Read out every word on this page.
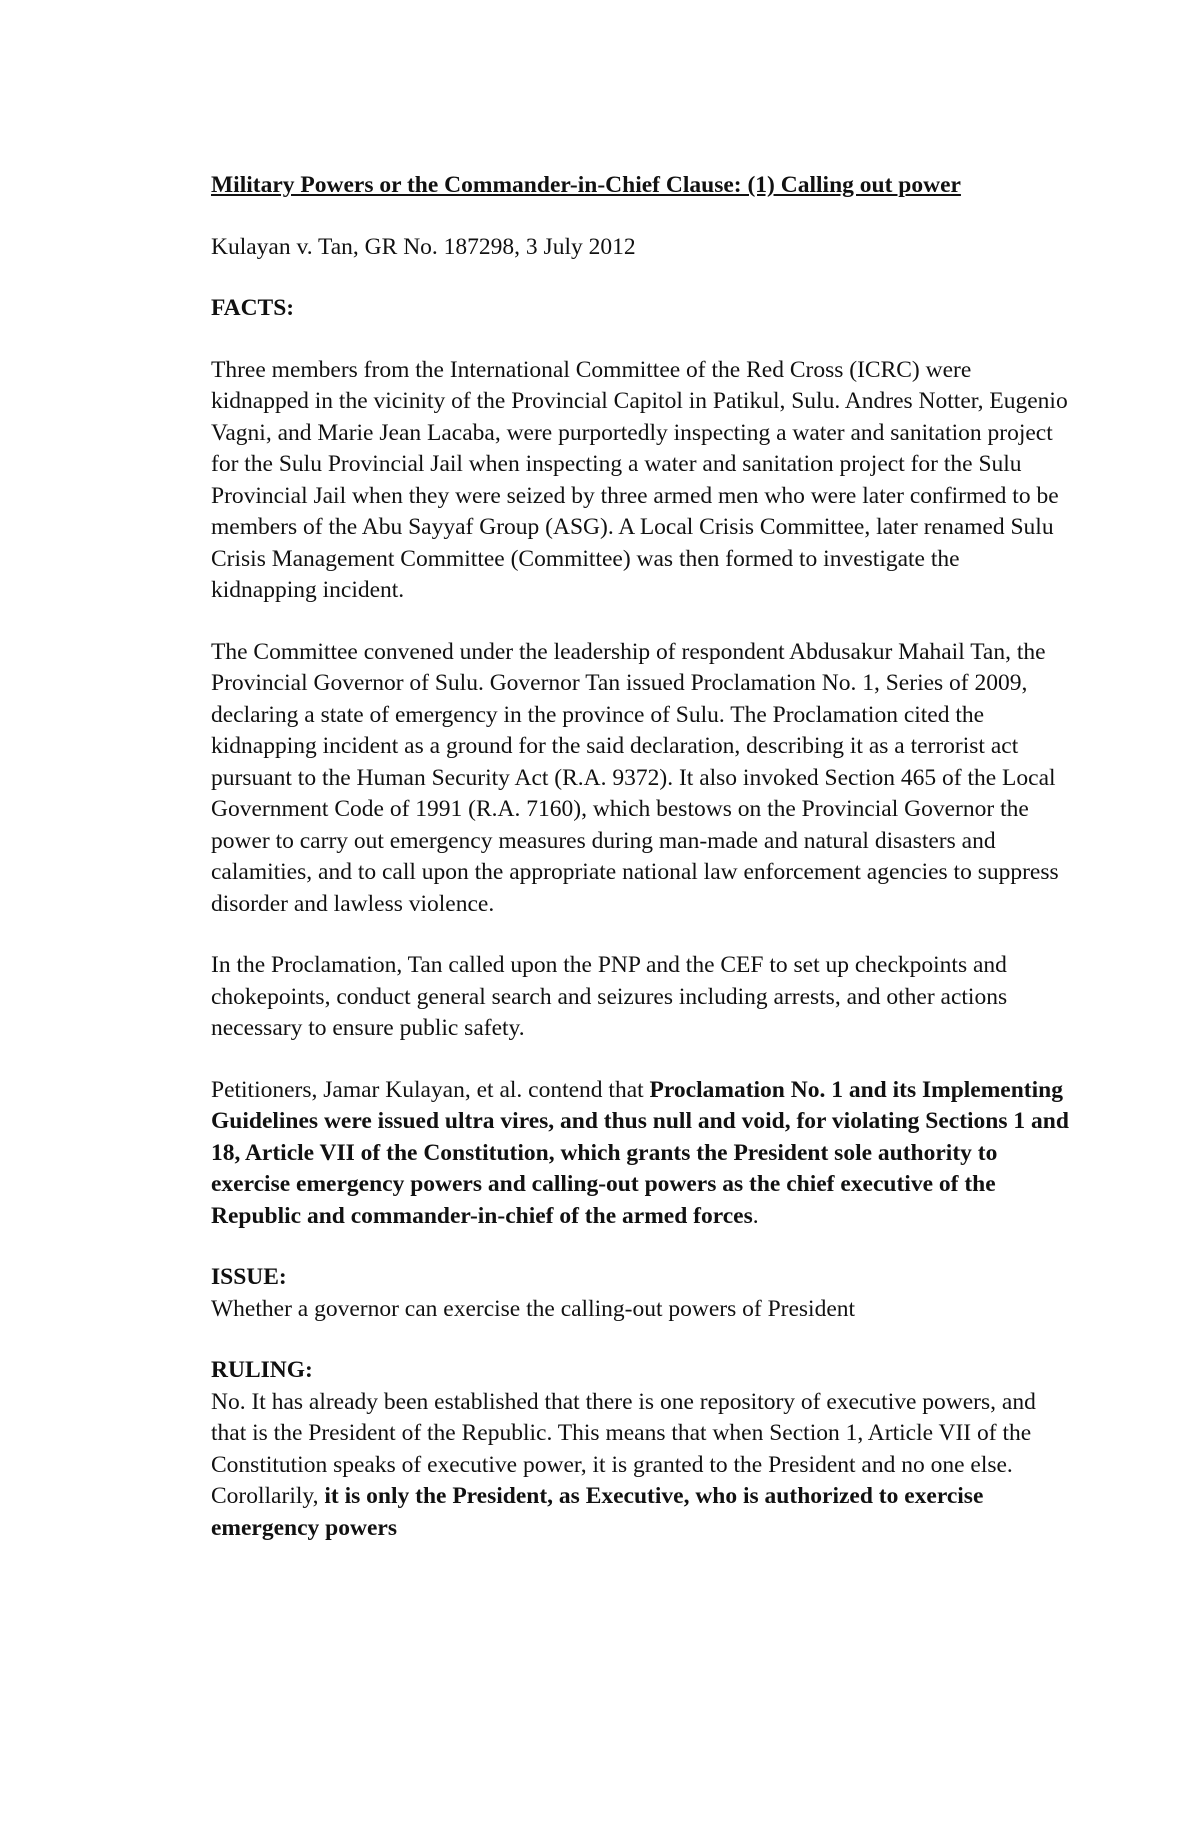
Military Powers or the Commander-in-Chief Clause: (1) Calling out power

Kulayan v. Tan, GR No. 187298, 3 July 2012

FACTS:

Three members from the International Committee of the Red Cross (ICRC) were kidnapped in the vicinity of the Provincial Capitol in Patikul, Sulu. Andres Notter, Eugenio Vagni, and Marie Jean Lacaba, were purportedly inspecting a water and sanitation project for the Sulu Provincial Jail when inspecting a water and sanitation project for the Sulu Provincial Jail when they were seized by three armed men who were later confirmed to be members of the Abu Sayyaf Group (ASG). A Local Crisis Committee, later renamed Sulu Crisis Management Committee (Committee) was then formed to investigate the kidnapping incident.

The Committee convened under the leadership of respondent Abdusakur Mahail Tan, the Provincial Governor of Sulu. Governor Tan issued Proclamation No. 1, Series of 2009, declaring a state of emergency in the province of Sulu. The Proclamation cited the kidnapping incident as a ground for the said declaration, describing it as a terrorist act pursuant to the Human Security Act (R.A. 9372). It also invoked Section 465 of the Local Government Code of 1991 (R.A. 7160), which bestows on the Provincial Governor the power to carry out emergency measures during man-made and natural disasters and calamities, and to call upon the appropriate national law enforcement agencies to suppress disorder and lawless violence.

In the Proclamation, Tan called upon the PNP and the CEF to set up checkpoints and chokepoints, conduct general search and seizures including arrests, and other actions necessary to ensure public safety.

Petitioners, Jamar Kulayan, et al. contend that Proclamation No. 1 and its Implementing Guidelines were issued ultra vires, and thus null and void, for violating Sections 1 and 18, Article VII of the Constitution, which grants the President sole authority to exercise emergency powers and calling-out powers as the chief executive of the Republic and commander-in-chief of the armed forces.

ISSUE:

Whether a governor can exercise the calling-out powers of President

RULING:

No. It has already been established that there is one repository of executive powers, and that is the President of the Republic. This means that when Section 1, Article VII of the Constitution speaks of executive power, it is granted to the President and no one else. Corollarily, it is only the President, as Executive, who is authorized to exercise emergency powers
